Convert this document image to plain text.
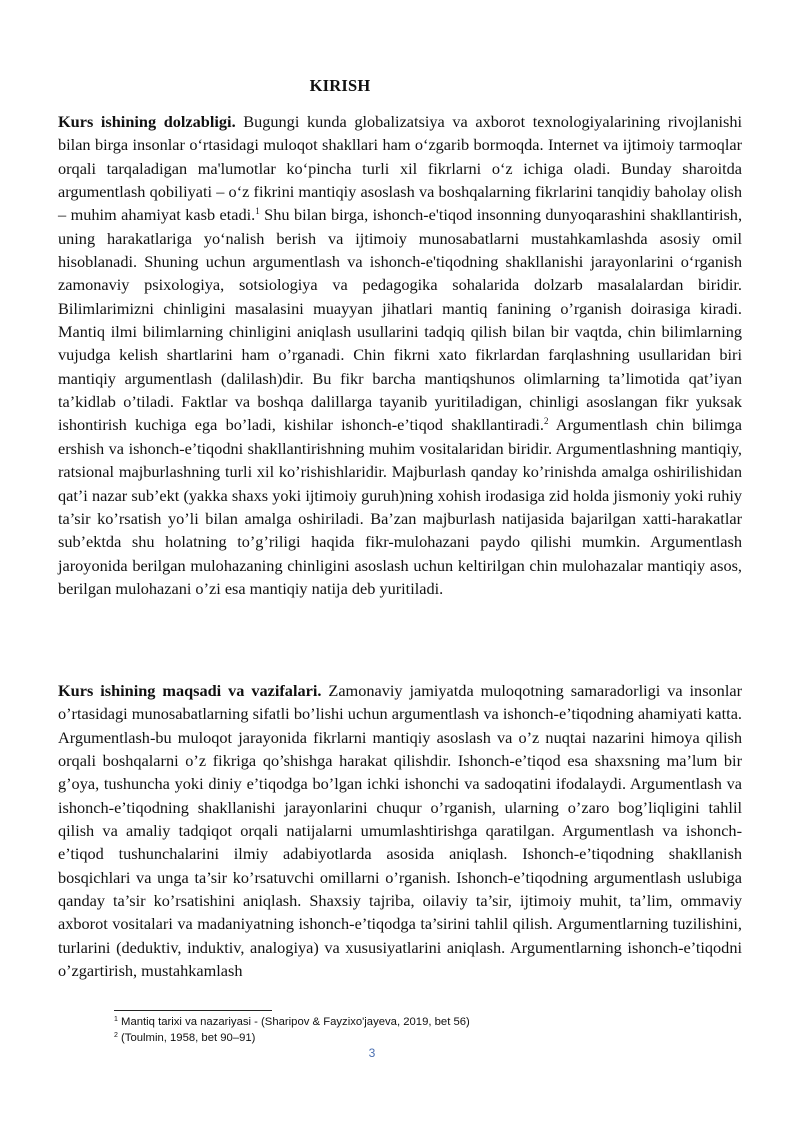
KIRISH

Kurs ishining dolzabligi. Bugungi kunda globalizatsiya va axborot texnologiyalarining rivojlanishi bilan birga insonlar oʻrtasidagi muloqot shakllari ham oʻzgarib bormoqda. Internet va ijtimoiy tarmoqlar orqali tarqaladigan ma'lumotlar koʻpincha turli xil fikrlarni oʻz ichiga oladi. Bunday sharoitda argumentlash qobiliyati – oʻz fikrini mantiqiy asoslash va boshqalarning fikrlarini tanqidiy baholay olish – muhim ahamiyat kasb etadi.$^1$ Shu bilan birga, ishonch-e'tiqod insonning dunyoqarashini shakllantirish, uning harakatlariga yoʻnalish berish va ijtimoiy munosabatlarni mustahkamlashda asosiy omil hisoblanadi. Shuning uchun argumentlash va ishonch-e'tiqodning shakllanishi jarayonlarini oʻrganish zamonaviy psixologiya, sotsiologiya va pedagogika sohalarida dolzarb masalalardan biridir. Bilimlarimizni chinligini masalasini muayyan jihatlari mantiq fanining o’rganish doirasiga kiradi. Mantiq ilmi bilimlarning chinligini aniqlash usullarini tadqiq qilish bilan bir vaqtda, chin bilimlarning vujudga kelish shartlarini ham o’rganadi. Chin fikrni xato fikrlardan farqlashning usullaridan biri mantiqiy argumentlash (dalilash)dir. Bu fikr barcha mantiqshunos olimlarning ta’limotida qat’iyan ta’kidlab o’tiladi. Faktlar va boshqa dalillarga tayanib yuritiladigan, chinligi asoslangan fikr yuksak ishontirish kuchiga ega bo’ladi, kishilar ishonch-e’tiqod shakllantiradi.$^2$ Argumentlash chin bilimga ershish va ishonch-e’tiqodni shakllantirishning muhim vositalaridan biridir. Argumentlashning mantiqiy, ratsional majburlashning turli xil ko’rishishlaridir. Majburlash qanday ko’rinishda amalga oshirilishidan qat’i nazar sub’ekt (yakka shaxs yoki ijtimoiy guruh)ning xohish irodasiga zid holda jismoniy yoki ruhiy ta’sir ko’rsatish yo’li bilan amalga oshiriladi. Ba’zan majburlash natijasida bajarilgan xatti-harakatlar sub’ektda shu holatning to’g’riligi haqida fikr-mulohazani paydo qilishi mumkin. Argumentlash jaroyonida berilgan mulohazaning chinligini asoslash uchun keltirilgan chin mulohazalar mantiqiy asos, berilgan mulohazani o’zi esa mantiqiy natija deb yuritiladi.

Kurs ishining maqsadi va vazifalari. Zamonaviy jamiyatda muloqotning samaradorligi va insonlar o’rtasidagi munosabatlarning sifatli bo’lishi uchun argumentlash va ishonch-e’tiqodning ahamiyati katta. Argumentlash-bu muloqot jarayonida fikrlarni mantiqiy asoslash va o’z nuqtai nazarini himoya qilish orqali boshqalarni o’z fikriga qo’shishga harakat qilishdir. Ishonch-e’tiqod esa shaxsning ma’lum bir g’oya, tushuncha yoki diniy e’tiqodga bo’lgan ichki ishonchi va sadoqatini ifodalaydi. Argumentlash va ishonch-e’tiqodning shakllanishi jarayonlarini chuqur o’rganish, ularning o’zaro bog’liqligini tahlil qilish va amaliy tadqiqot orqali natijalarni umumlashtirishga qaratilgan. Argumentlash va ishonch-e’tiqod tushunchalarini ilmiy adabiyotlarda asosida aniqlash. Ishonch-e’tiqodning shakllanish bosqichlari va unga ta’sir ko’rsatuvchi omillarni o’rganish. Ishonch-e’tiqodning argumentlash uslubiga qanday ta’sir ko’rsatishini aniqlash. Shaxsiy tajriba, oilaviy ta’sir, ijtimoiy muhit, ta’lim, ommaviy axborot vositalari va madaniyatning ishonch-e’tiqodga ta’sirini tahlil qilish. Argumentlarning tuzilishini, turlarini (deduktiv, induktiv, analogiya) va xususiyatlarini aniqlash. Argumentlarning ishonch-e’tiqodni o’zgartirish, mustahkamlash

$^1$ Mantiq tarixi va nazariyasi - (Sharipov & Fayzixo'jayeva, 2019, bet 56)
$^2$ (Toulmin, 1958, bet 90–91)
3
